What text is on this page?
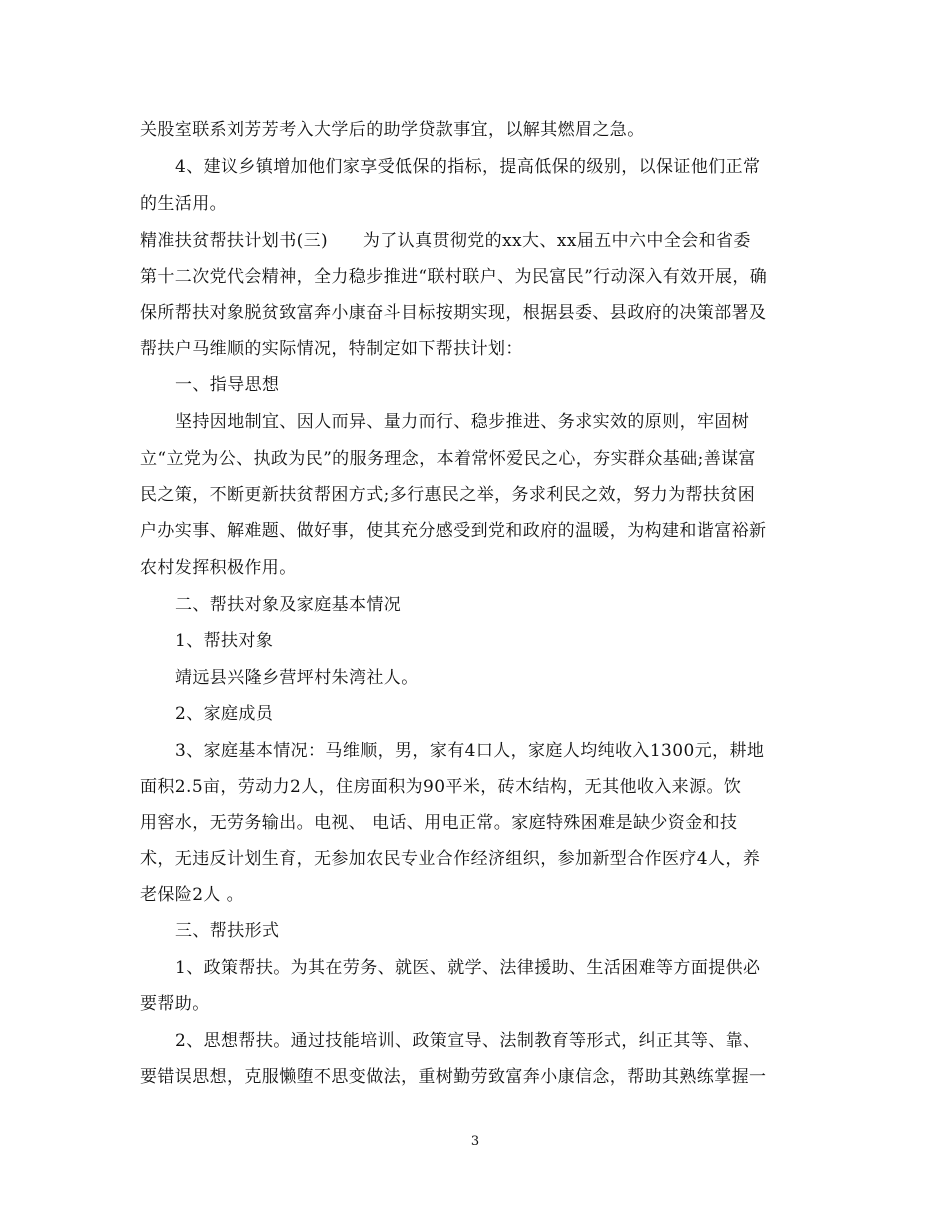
关股室联系刘芳芳考入大学后的助学贷款事宜，以解其燃眉之急。
4、建议乡镇增加他们家享受低保的指标，提高低保的级别，以保证他们正常
的生活用。
精准扶贫帮扶计划书(三)　　为了认真贯彻党的xx大、xx届五中六中全会和省委
第十二次党代会精神，全力稳步推进“联村联户、为民富民”行动深入有效开展，确
保所帮扶对象脱贫致富奔小康奋斗目标按期实现，根据县委、县政府的决策部署及
帮扶户马维顺的实际情况，特制定如下帮扶计划：
一、指导思想
坚持因地制宜、因人而异、量力而行、稳步推进、务求实效的原则，牢固树
立“立党为公、执政为民”的服务理念，本着常怀爱民之心，夯实群众基础;善谋富
民之策，不断更新扶贫帮困方式;多行惠民之举，务求利民之效，努力为帮扶贫困
户办实事、解难题、做好事，使其充分感受到党和政府的温暖，为构建和谐富裕新
农村发挥积极作用。
二、帮扶对象及家庭基本情况
1、帮扶对象
靖远县兴隆乡营坪村朱湾社人。
2、家庭成员
3、家庭基本情况：马维顺，男，家有4口人，家庭人均纯收入1300元，耕地
面积2.5亩，劳动力2人，住房面积为90平米，砖木结构，无其他收入来源。饮
用窖水，无劳务输出。电视、 电话、用电正常。家庭特殊困难是缺少资金和技
术，无违反计划生育，无参加农民专业合作经济组织，参加新型合作医疗4人，养
老保险2人 。
三、帮扶形式
1、政策帮扶。为其在劳务、就医、就学、法律援助、生活困难等方面提供必
要帮助。
2、思想帮扶。通过技能培训、政策宣导、法制教育等形式，纠正其等、靠、
要错误思想，克服懒堕不思变做法，重树勤劳致富奔小康信念，帮助其熟练掌握一
3
